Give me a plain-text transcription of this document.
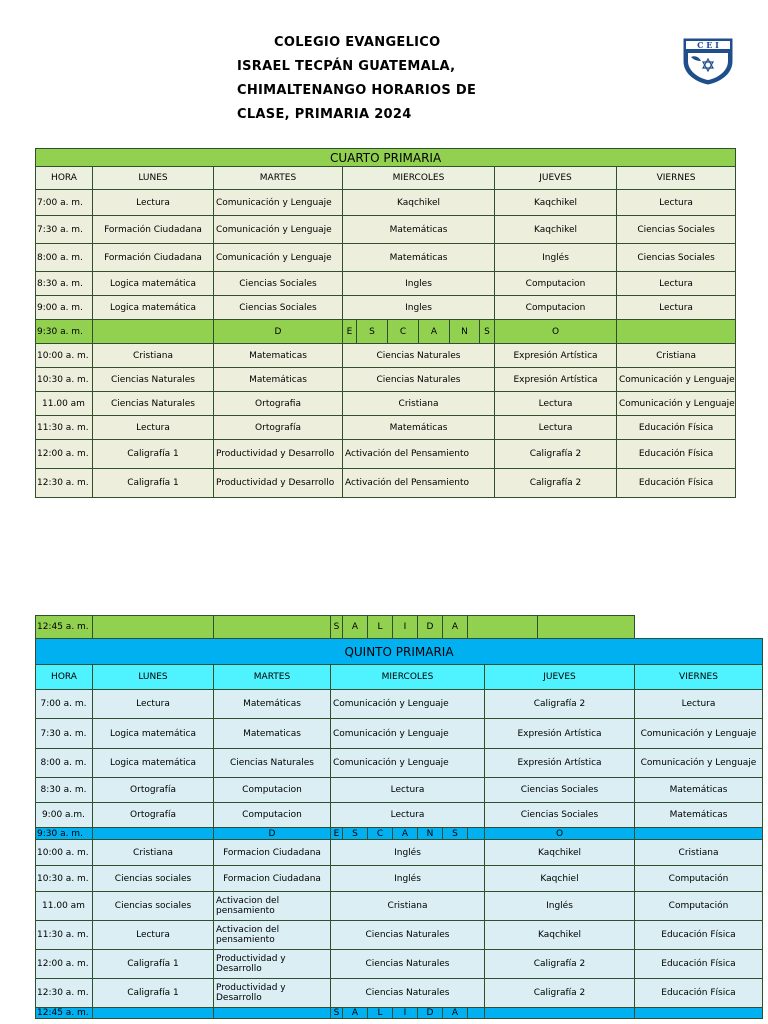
COLEGIO EVANGELICO
ISRAEL TECPÁN GUATEMALA,
CHIMALTENANGO HORARIOS DE
CLASE, PRIMARIA 2024
C E I
CUARTO PRIMARIA										
HORA	LUNES	MARTES	MIERCOLES						JUEVES	VIERNES
7:00 a. m.	Lectura	Comunicación y Lenguaje	Kaqchikel						Kaqchikel	Lectura
7:30 a. m.	Formación Ciudadana	Comunicación y Lenguaje	Matemáticas						Kaqchikel	Ciencias Sociales
8:00 a. m.	Formación Ciudadana	Comunicación y Lenguaje	Matemáticas						Inglés	Ciencias Sociales
8:30 a. m.	Logica matemática	Ciencias Sociales	Ingles						Computacion	Lectura
9:00 a. m.	Logica matemática	Ciencias Sociales	Ingles						Computacion	Lectura
9:30 a. m.		D	E	S	C	A	N	S	O	
10:00 a. m.	Cristiana	Matematicas	Ciencias Naturales						Expresión Artística	Cristiana
10:30 a. m.	Ciencias Naturales	Matemáticas	Ciencias Naturales						Expresión Artística	Comunicación y Lenguaje
11.00 am	Ciencias Naturales	Ortografia	Cristiana						Lectura	Comunicación y Lenguaje
11:30 a. m.	Lectura	Ortografía	Matemáticas						Lectura	Educación Física
12:00 a. m.	Caligrafía 1	Productividad y Desarrollo	Activación del Pensamiento						Caligrafía 2	Educación Física
12:30 a. m.	Caligrafía 1	Productividad y Desarrollo	Activación del Pensamiento						Caligrafía 2	Educación Física
12:45 a. m.			S	A	L	I	D	A				
QUINTO PRIMARIA												
HORA	LUNES	MARTES	MIERCOLES							JUEVES		VIERNES
7:00 a. m.	Lectura	Matemáticas	Comunicación y Lenguaje							Caligrafía 2		Lectura
7:30 a. m.	Logica matemática	Matematicas	Comunicación y Lenguaje							Expresión Artística		Comunicación y Lenguaje
8:00 a. m.	Logica matemática	Ciencias Naturales	Comunicación y Lenguaje							Expresión Artística		Comunicación y Lenguaje
8:30 a. m.	Ortografía	Computacion	Lectura							Ciencias Sociales		Matemáticas
9:00 a.m.	Ortografía	Computacion	Lectura							Ciencias Sociales		Matemáticas
9:30 a. m.		D	E	S	C	A	N	S		O		
10:00 a. m.	Cristiana	Formacion Ciudadana	Inglés							Kaqchikel		Cristiana
10:30 a. m.	Ciencias sociales	Formacion Ciudadana	Inglés							Kaqchiel		Computación
11.00 am	Ciencias sociales	Activacion del pensamiento	Cristiana							Inglés		Computación
11:30 a. m.	Lectura	Activacion del pensamiento	Ciencias Naturales							Kaqchikel		Educación Física
12:00 a. m.	Caligrafía 1	Productividad y Desarrollo	Ciencias Naturales							Caligrafía 2		Educación Física
12:30 a. m.	Caligrafía 1	Productividad y Desarrollo	Ciencias Naturales							Caligrafía 2		Educación Física
12:45 a. m.			S	A	L	I	D	A				
